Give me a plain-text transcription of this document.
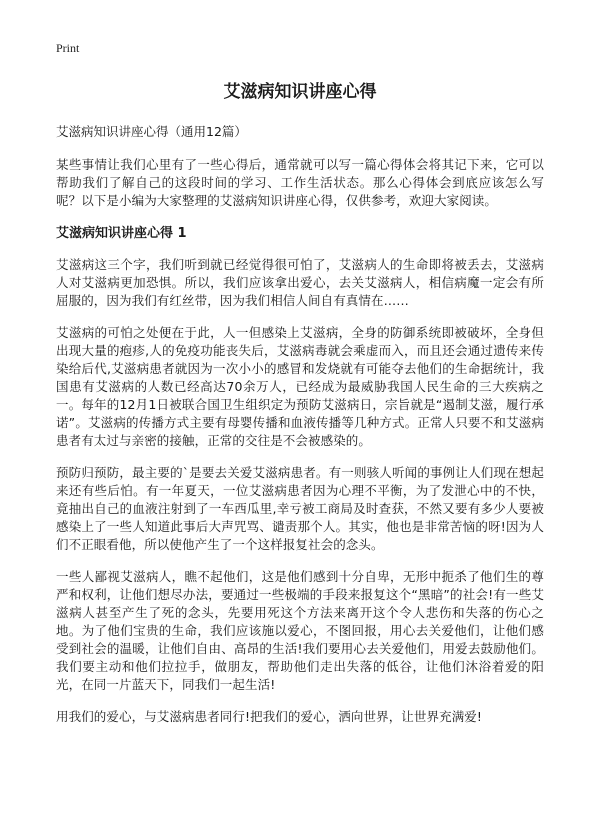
Print
艾滋病知识讲座心得
艾滋病知识讲座心得（通用12篇）

某些事情让我们心里有了一些心得后，通常就可以写一篇心得体会将其记下来，它可以帮助我们了解自己的这段时间的学习、工作生活状态。那么心得体会到底应该怎么写呢？以下是小编为大家整理的艾滋病知识讲座心得，仅供参考，欢迎大家阅读。

艾滋病知识讲座心得 1

艾滋病这三个字，我们听到就已经觉得很可怕了，艾滋病人的生命即将被丢去，艾滋病人对艾滋病更加恐惧。所以，我们应该拿出爱心，去关艾滋病人，相信病魔一定会有所屈服的，因为我们有红丝带，因为我们相信人间自有真情在……

艾滋病的可怕之处便在于此，人一但感染上艾滋病，全身的防御系统即被破坏，全身但出现大量的疱疹,人的免疫功能丧失后，艾滋病毒就会乘虚而入，而且还会通过遗传来传染给后代,艾滋病患者就因为一次小小的感冒和发烧就有可能夺去他们的生命据统计，我国患有艾滋病的人数已经高达70余万人，已经成为最威胁我国人民生命的三大疾病之一。每年的12月1日被联合国卫生组织定为预防艾滋病日，宗旨就是“遏制艾滋，履行承诺”。艾滋病的传播方式主要有母婴传播和血液传播等几种方式。正常人只要不和艾滋病患者有太过与亲密的接触，正常的交往是不会被感染的。

预防归预防，最主要的`是要去关爱艾滋病患者。有一则骇人听闻的事例让人们现在想起来还有些后怕。有一年夏天，一位艾滋病患者因为心理不平衡，为了发泄心中的不快，竟抽出自己的血液注射到了一车西瓜里,幸亏被工商局及时查获，不然又要有多少人要被感染上了一些人知道此事后大声咒骂、谴责那个人。其实，他也是非常苦恼的呀!因为人们不正眼看他，所以使他产生了一个这样报复社会的念头。

一些人鄙视艾滋病人，瞧不起他们，这是他们感到十分自卑，无形中扼杀了他们生的尊严和权利，让他们想尽办法，要通过一些极端的手段来报复这个“黑暗”的社会!有一些艾滋病人甚至产生了死的念头，先要用死这个方法来离开这个令人悲伤和失落的伤心之地。为了他们宝贵的生命，我们应该施以爱心，不图回报，用心去关爱他们，让他们感受到社会的温暖，让他们自由、高昂的生活!我们要用心去关爱他们，用爱去鼓励他们。我们要主动和他们拉拉手，做朋友，帮助他们走出失落的低谷，让他们沐浴着爱的阳光，在同一片蓝天下，同我们一起生活!

用我们的爱心，与艾滋病患者同行!把我们的爱心，洒向世界，让世界充满爱!
